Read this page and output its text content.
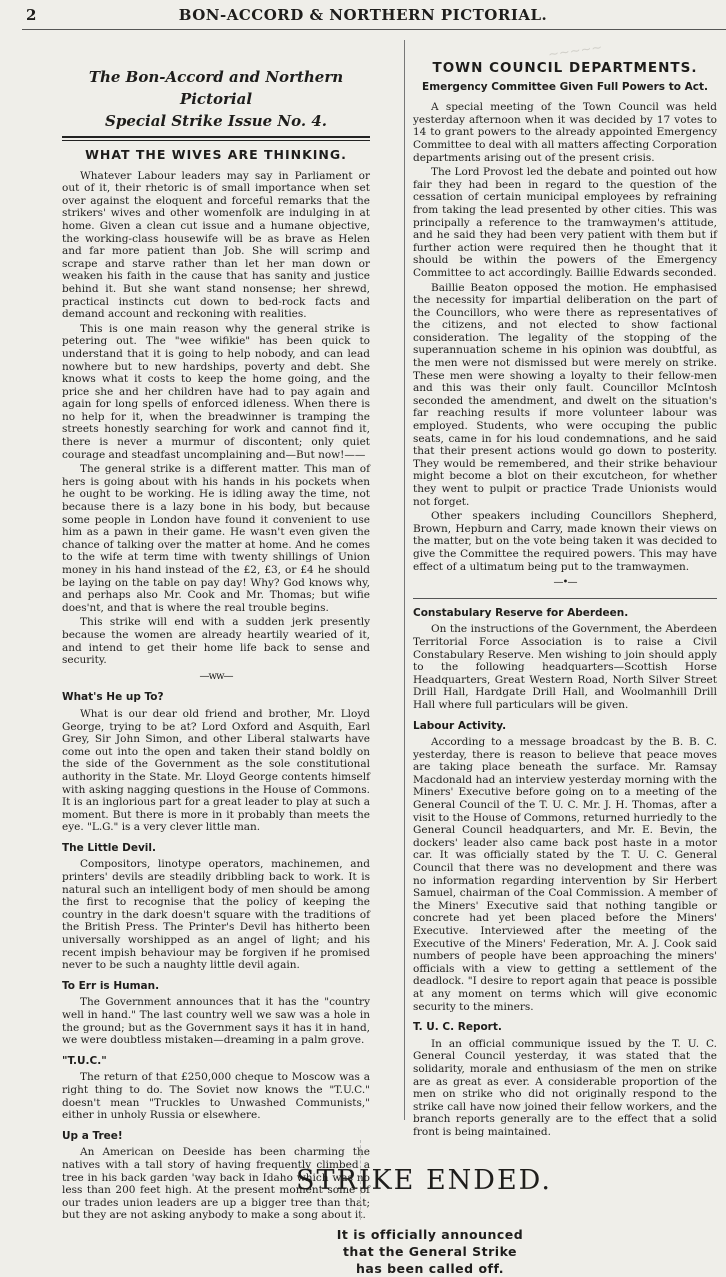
2	BON-ACCORD & NORTHERN PICTORIAL.
~~~~~
The Bon-Accord and Northern Pictorial
Special Strike Issue No. 4.
WHAT THE WIVES ARE THINKING.

Whatever Labour leaders may say in Parliament or out of it, their rhetoric is of small importance when set over against the eloquent and forceful remarks that the strikers' wives and other womenfolk are indulging in at home. Given a clean cut issue and a humane objective, the working-class housewife will be as brave as Helen and far more patient than Job. She will scrimp and scrape and starve rather than let her man down or weaken his faith in the cause that has sanity and justice behind it. But she want stand nonsense; her shrewd, practical instincts cut down to bed-rock facts and demand account and reckoning with realities.

This is one main reason why the general strike is petering out. The "wee wifikie" has been quick to understand that it is going to help nobody, and can lead nowhere but to new hardships, poverty and debt. She knows what it costs to keep the home going, and the price she and her children have had to pay again and again for long spells of enforced idleness. When there is no help for it, when the breadwinner is tramping the streets honestly searching for work and cannot find it, there is never a murmur of discontent; only quiet courage and steadfast uncomplaining and—But now!——

The general strike is a different matter. This man of hers is going about with his hands in his pockets when he ought to be working. He is idling away the time, not because there is a lazy bone in his body, but because some people in London have found it convenient to use him as a pawn in their game. He wasn't even given the chance of talking over the matter at home. And he comes to the wife at term time with twenty shillings of Union money in his hand instead of the £2, £3, or £4 he should be laying on the table on pay day! Why? God knows why, and perhaps also Mr. Cook and Mr. Thomas; but wifie does'nt, and that is where the real trouble begins.

This strike will end with a sudden jerk presently because the women are already heartily wearied of it, and intend to get their home life back to sense and security.

—ww—
What's He up To?

What is our dear old friend and brother, Mr. Lloyd George, trying to be at? Lord Oxford and Asquith, Earl Grey, Sir John Simon, and other Liberal stalwarts have come out into the open and taken their stand boldly on the side of the Government as the sole constitutional authority in the State. Mr. Lloyd George contents himself with asking nagging questions in the House of Commons. It is an inglorious part for a great leader to play at such a moment. But there is more in it probably than meets the eye. "L.G." is a very clever little man.

The Little Devil.

Compositors, linotype operators, machinemen, and printers' devils are steadily dribbling back to work. It is natural such an intelligent body of men should be among the first to recognise that the policy of keeping the country in the dark doesn't square with the traditions of the British Press. The Printer's Devil has hitherto been universally worshipped as an angel of light; and his recent impish behaviour may be forgiven if he promised never to be such a naughty little devil again.

To Err is Human.

The Government announces that it has the "country well in hand." The last country well we saw was a hole in the ground; but as the Government says it has it in hand, we were doubtless mistaken—dreaming in a palm grove.

"T.U.C."

The return of that £250,000 cheque to Moscow was a right thing to do. The Soviet now knows the "T.U.C." doesn't mean "Truckles to Unwashed Communists," either in unholy Russia or elsewhere.

Up a Tree!

An American on Deeside has been charming the natives with a tall story of having frequently climbed a tree in his back garden 'way back in Idaho which was no less than 200 feet high. At the present moment some of our trades union leaders are up a bigger tree than that; but they are not asking anybody to make a song about it.

TOWN COUNCIL DEPARTMENTS.
Emergency Committee Given Full Powers to Act.

A special meeting of the Town Council was held yesterday afternoon when it was decided by 17 votes to 14 to grant powers to the already appointed Emergency Committee to deal with all matters affecting Corporation departments arising out of the present crisis.

The Lord Provost led the debate and pointed out how fair they had been in regard to the question of the cessation of certain municipal employees by refraining from taking the lead presented by other cities. This was principally a reference to the tramwaymen's attitude, and he said they had been very patient with them but if further action were required then he thought that it should be within the powers of the Emergency Committee to act accordingly. Baillie Edwards seconded.

Baillie Beaton opposed the motion. He emphasised the necessity for impartial deliberation on the part of the Councillors, who were there as representatives of the citizens, and not elected to show factional consideration. The legality of the stopping of the superannuation scheme in his opinion was doubtful, as the men were not dismissed but were merely on strike. These men were showing a loyalty to their fellow-men and this was their only fault. Councillor McIntosh seconded the amendment, and dwelt on the situation's far reaching results if more volunteer labour was employed. Students, who were occuping the public seats, came in for his loud condemnations, and he said that their present actions would go down to posterity. They would be remembered, and their strike behaviour might become a blot on their excutcheon, for whether they went to pulpit or practice Trade Unionists would not forget.

Other speakers including Councillors Shepherd, Brown, Hepburn and Carry, made known their views on the matter, but on the vote being taken it was decided to give the Committee the required powers. This may have effect of a ultimatum being put to the tramwaymen.

—•—
Constabulary Reserve for Aberdeen.

On the instructions of the Government, the Aberdeen Territorial Force Association is to raise a Civil Constabulary Reserve. Men wishing to join should apply to the following headquarters—Scottish Horse Headquarters, Great Western Road, North Silver Street Drill Hall, Hardgate Drill Hall, and Woolmanhill Drill Hall where full particulars will be given.

Labour Activity.

According to a message broadcast by the B. B. C. yesterday, there is reason to believe that peace moves are taking place beneath the surface. Mr. Ramsay Macdonald had an interview yesterday morning with the Miners' Executive before going on to a meeting of the General Council of the T. U. C. Mr. J. H. Thomas, after a visit to the House of Commons, returned hurriedly to the General Council headquarters, and Mr. E. Bevin, the dockers' leader also came back post haste in a motor car. It was officially stated by the T. U. C. General Council that there was no development and there was no information regarding intervention by Sir Herbert Samuel, chairman of the Coal Commission. A member of the Miners' Executive said that nothing tangible or concrete had yet been placed before the Miners' Executive. Interviewed after the meeting of the Executive of the Miners' Federation, Mr. A. J. Cook said numbers of people have been approaching the miners' officials with a view to getting a settlement of the deadlock. "I desire to report again that peace is possible at any moment on terms which will give economic security to the miners.

T. U. C. Report.

In an official communique issued by the T. U. C. General Council yesterday, it was stated that the solidarity, morale and enthusiasm of the men on strike are as great as ever. A considerable proportion of the men on strike who did not originally respond to the strike call have now joined their fellow workers, and the branch reports generally are to the effect that a solid front is being maintained.

STRIKE ENDED.
It is officially announced
that the General Strike
has been called off.
